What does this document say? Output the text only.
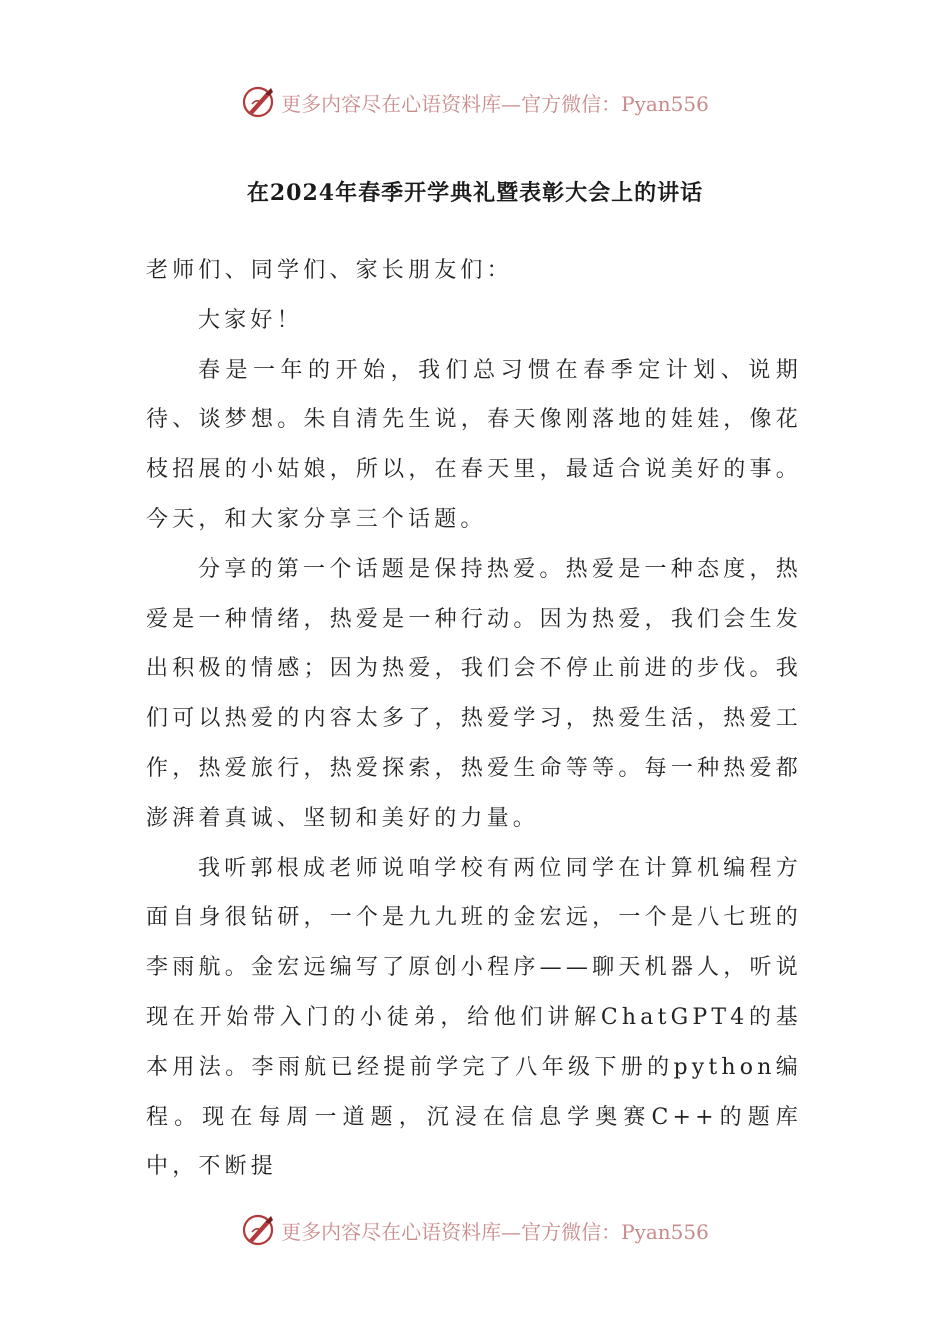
更多内容尽在心语资料库—官方微信：Pyan556
在2024年春季开学典礼暨表彰大会上的讲话

老师们、同学们、家长朋友们：

大家好！

春是一年的开始，我们总习惯在春季定计划、说期待、谈梦想。朱自清先生说，春天像刚落地的娃娃，像花枝招展的小姑娘，所以，在春天里，最适合说美好的事。今天，和大家分享三个话题。

分享的第一个话题是保持热爱。热爱是一种态度，热爱是一种情绪，热爱是一种行动。因为热爱，我们会生发出积极的情感；因为热爱，我们会不停止前进的步伐。我们可以热爱的内容太多了，热爱学习，热爱生活，热爱工作，热爱旅行，热爱探索，热爱生命等等。每一种热爱都澎湃着真诚、坚韧和美好的力量。

我听郭根成老师说咱学校有两位同学在计算机编程方面自身很钻研，一个是九九班的金宏远，一个是八七班的李雨航。金宏远编写了原创小程序——聊天机器人，听说现在开始带入门的小徒弟，给他们讲解ChatGPT4的基本用法。李雨航已经提前学完了八年级下册的python编程。现在每周一道题，沉浸在信息学奥赛C++的题库中，不断提

更多内容尽在心语资料库—官方微信：Pyan556
